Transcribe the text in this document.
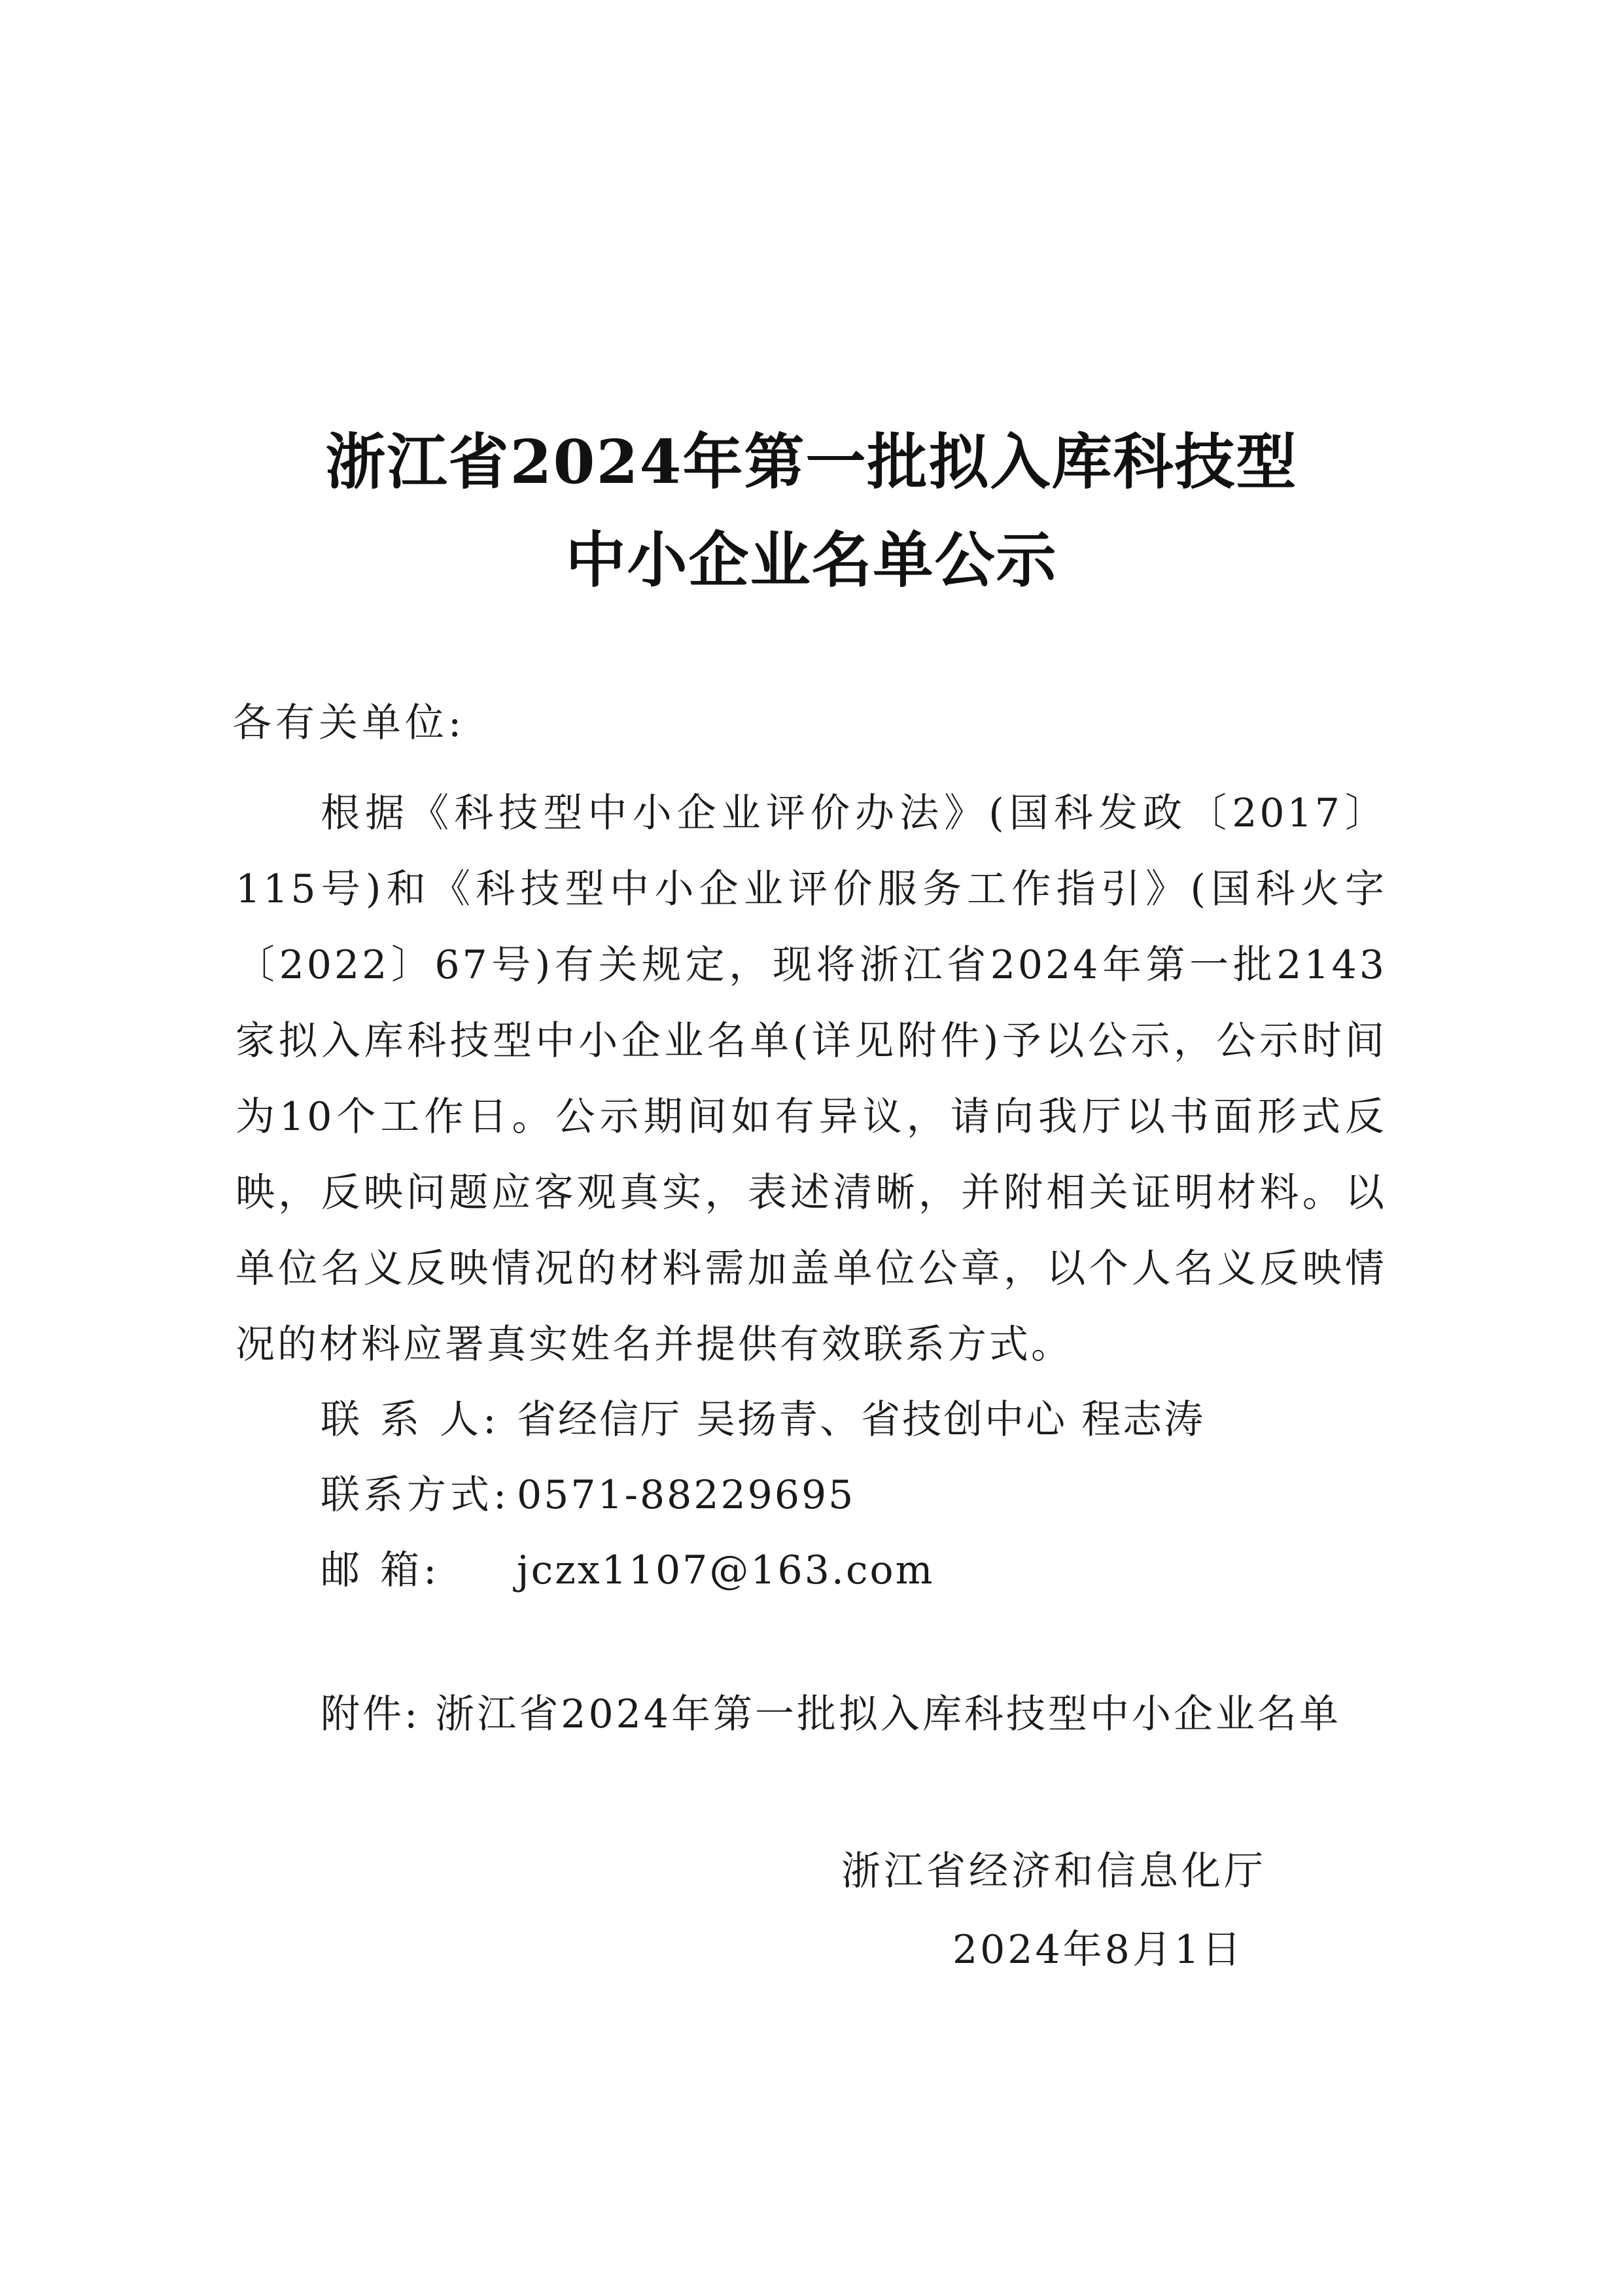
浙江省2024年第一批拟入库科技型
中小企业名单公示
各有关单位:

根据《科技型中小企业评价办法》(国科发政〔2017〕115号)和《科技型中小企业评价服务工作指引》(国科火字〔2022〕67号)有关规定，现将浙江省2024年第一批2143家拟入库科技型中小企业名单(详见附件)予以公示，公示时间为10个工作日。公示期间如有异议，请向我厅以书面形式反映，反映问题应客观真实，表述清晰，并附相关证明材料。以单位名义反映情况的材料需加盖单位公章，以个人名义反映情况的材料应署真实姓名并提供有效联系方式。

联 系 人: 省经信厅 吴扬青、省技创中心 程志涛
联系方式: 0571-88229695
邮 箱: jczx1107@163.com
附件: 浙江省2024年第一批拟入库科技型中小企业名单
浙江省经济和信息化厅
2024年8月1日
